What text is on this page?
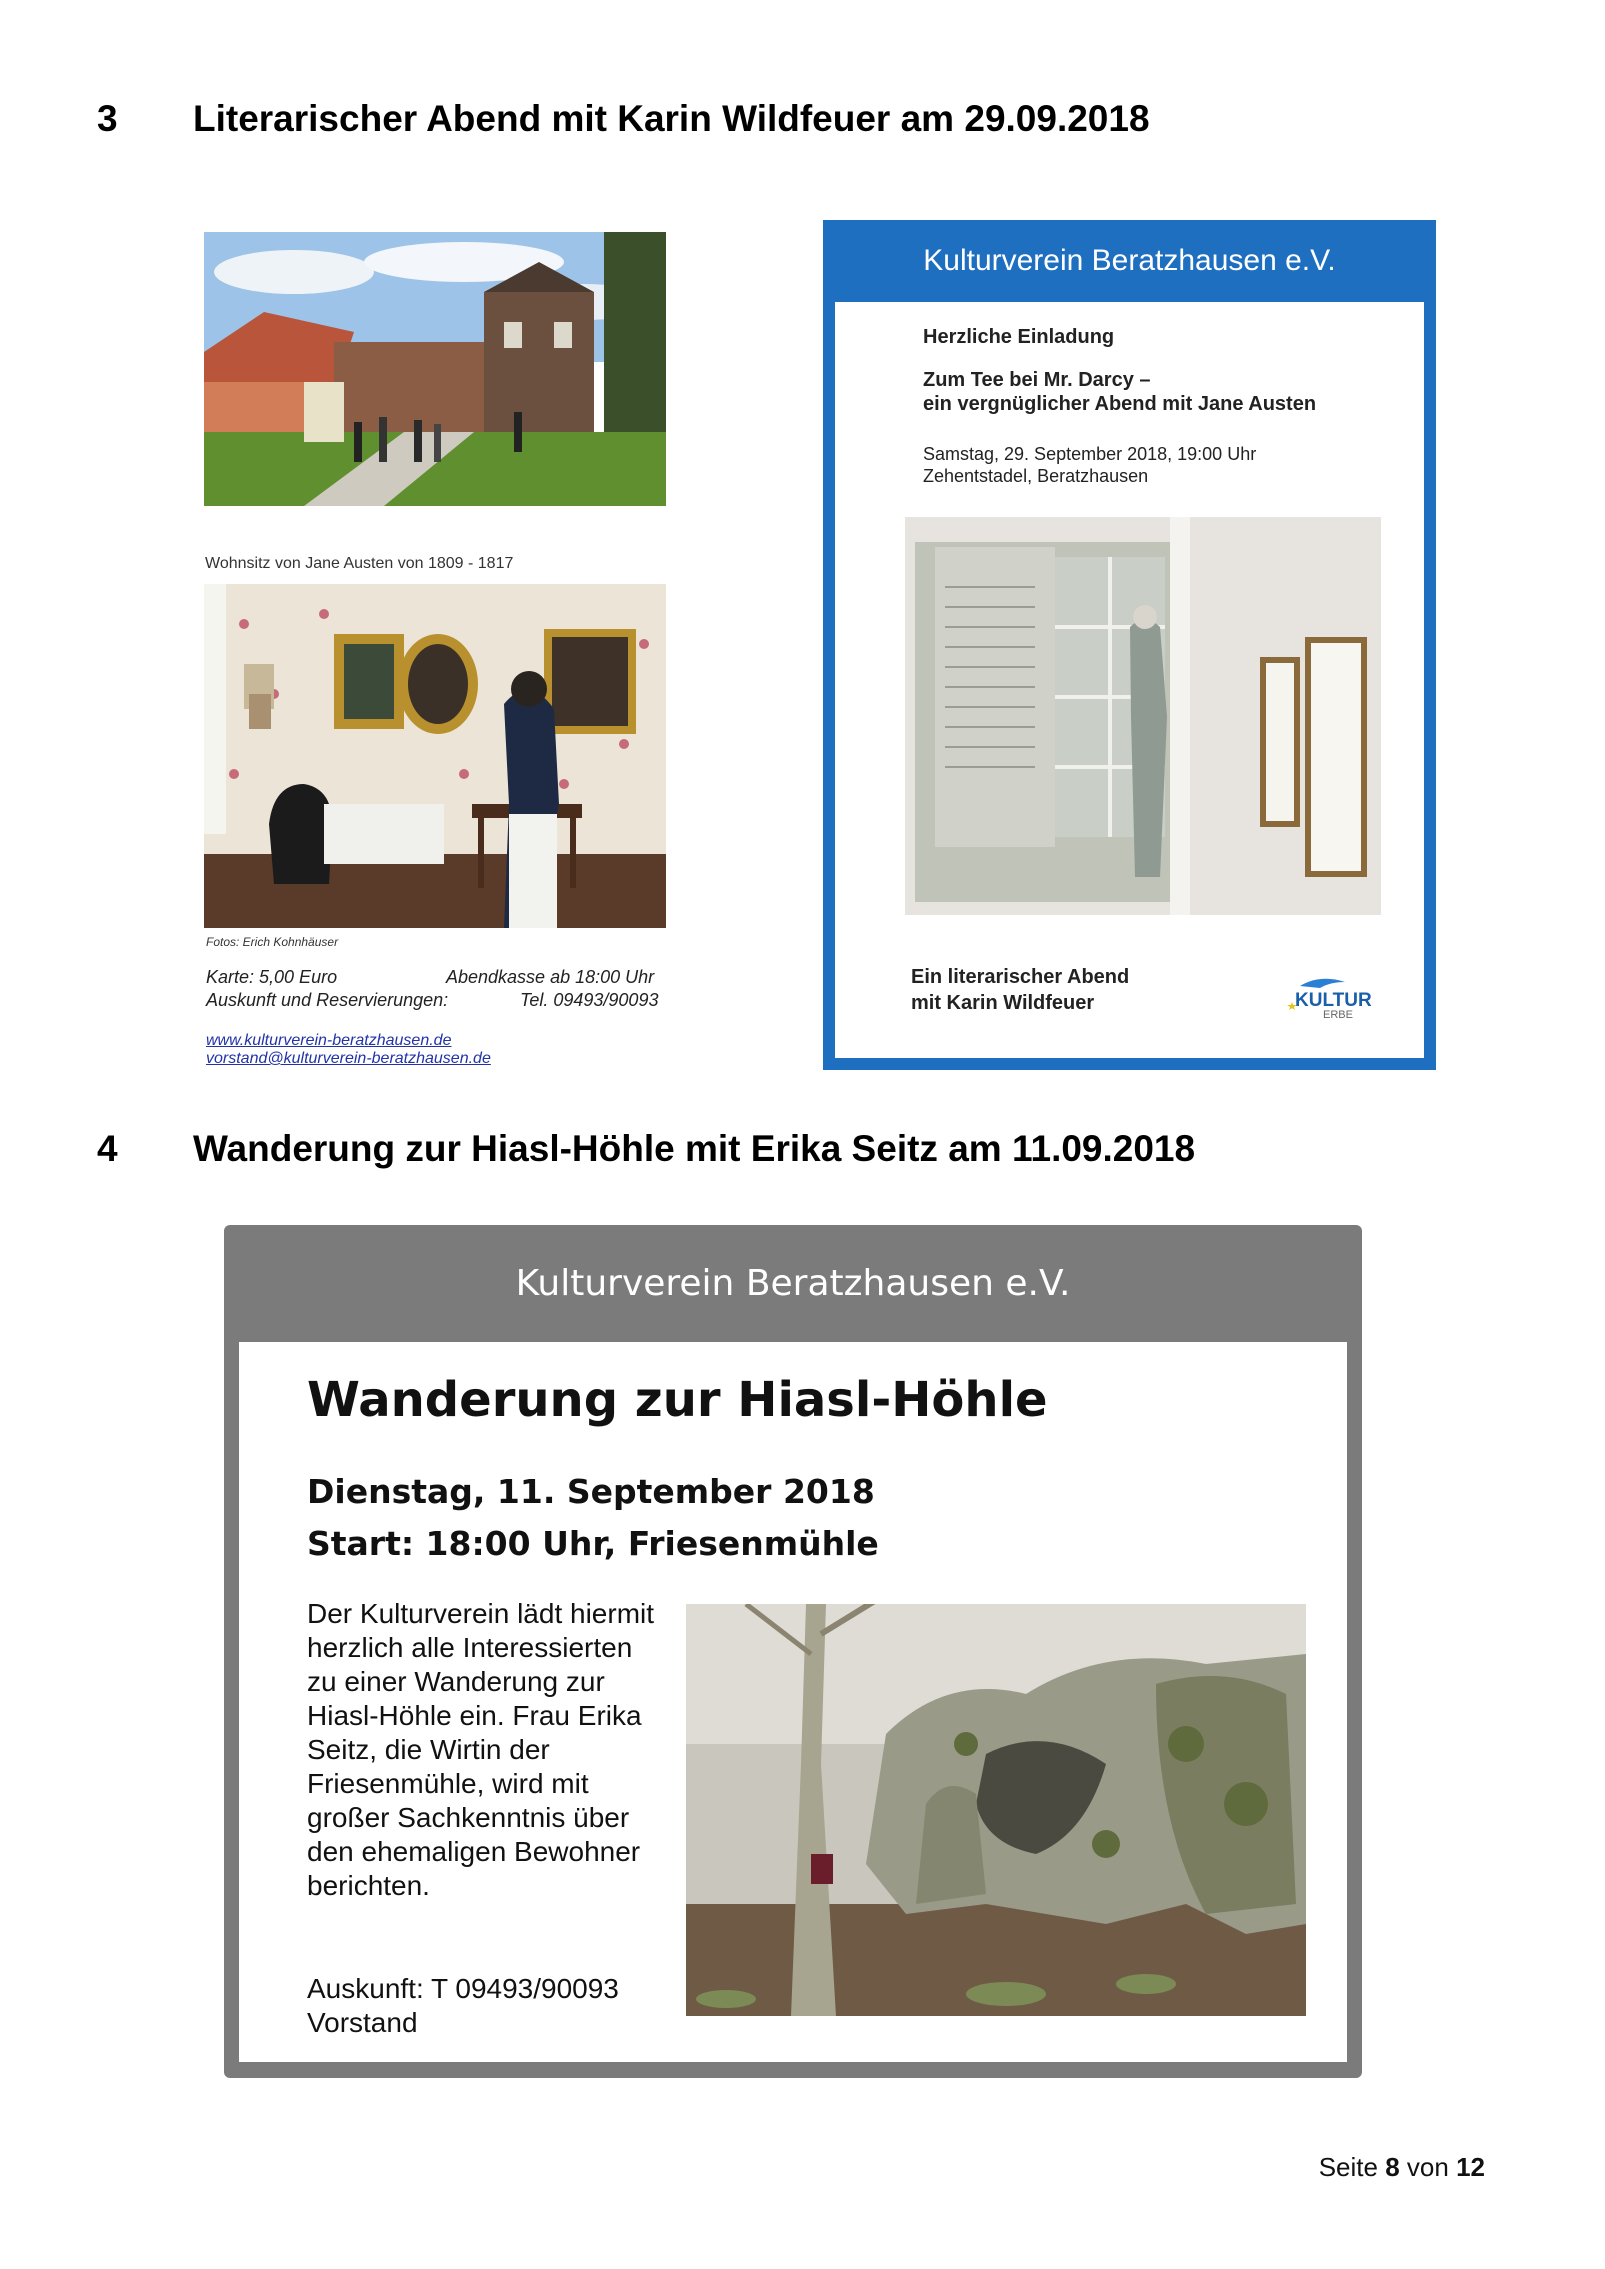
3 Literarischer Abend mit Karin Wildfeuer am 29.09.2018
Wohnsitz von Jane Austen von 1809 - 1817
Fotos: Erich Kohnhäuser
Karte: 5,00 Euro	Abendkasse ab 18:00 Uhr
Auskunft und Reservierungen:	Tel. 09493/90093
www.kulturverein-beratzhausen.de
vorstand@kulturverein-beratzhausen.de
Kulturverein Beratzhausen e.V.
Herzliche Einladung
Zum Tee bei Mr. Darcy –
ein vergnüglicher Abend mit Jane Austen
Samstag, 29. September 2018, 19:00 Uhr
Zehentstadel, Beratzhausen
Ein literarischer Abend
mit Karin Wildfeuer	KULTUR
ERBE
4 Wanderung zur Hiasl-Höhle mit Erika Seitz am 11.09.2018
Kulturverein Beratzhausen e.V.
Wanderung zur Hiasl-Höhle
Dienstag, 11. September 2018
Start: 18:00 Uhr, Friesenmühle
Der Kulturverein lädt hiermit herzlich alle Interessierten zu einer Wanderung zur Hiasl-Höhle ein. Frau Erika Seitz, die Wirtin der Friesenmühle, wird mit großer Sachkenntnis über den ehemaligen Bewohner berichten.
Auskunft: T 09493/90093
Vorstand
Seite 8 von 12
